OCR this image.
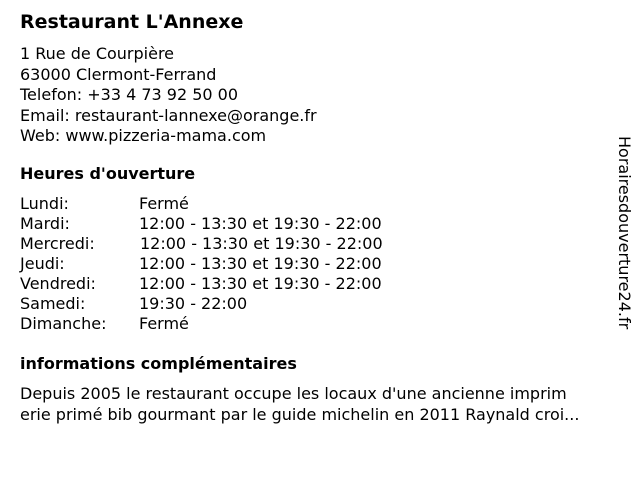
Restaurant L'Annexe
1 Rue de Courpière
63000 Clermont-Ferrand
Telefon: +33 4 73 92 50 00
Email: restaurant-lannexe@orange.fr
Web: www.pizzeria-mama.com
Heures d'ouverture
Lundi:	Fermé
Mardi:	12:00 - 13:30 et 19:30 - 22:00
Mercredi:	12:00 - 13:30 et 19:30 - 22:00
Jeudi:	12:00 - 13:30 et 19:30 - 22:00
Vendredi:	12:00 - 13:30 et 19:30 - 22:00
Samedi:	19:30 - 22:00
Dimanche: Fermé
informations complémentaires
Depuis 2005 le restaurant occupe les locaux d'une ancienne imprim
erie primé bib gourmant par le guide michelin en 2011 Raynald croi...
Horairesdouverture24.fr
